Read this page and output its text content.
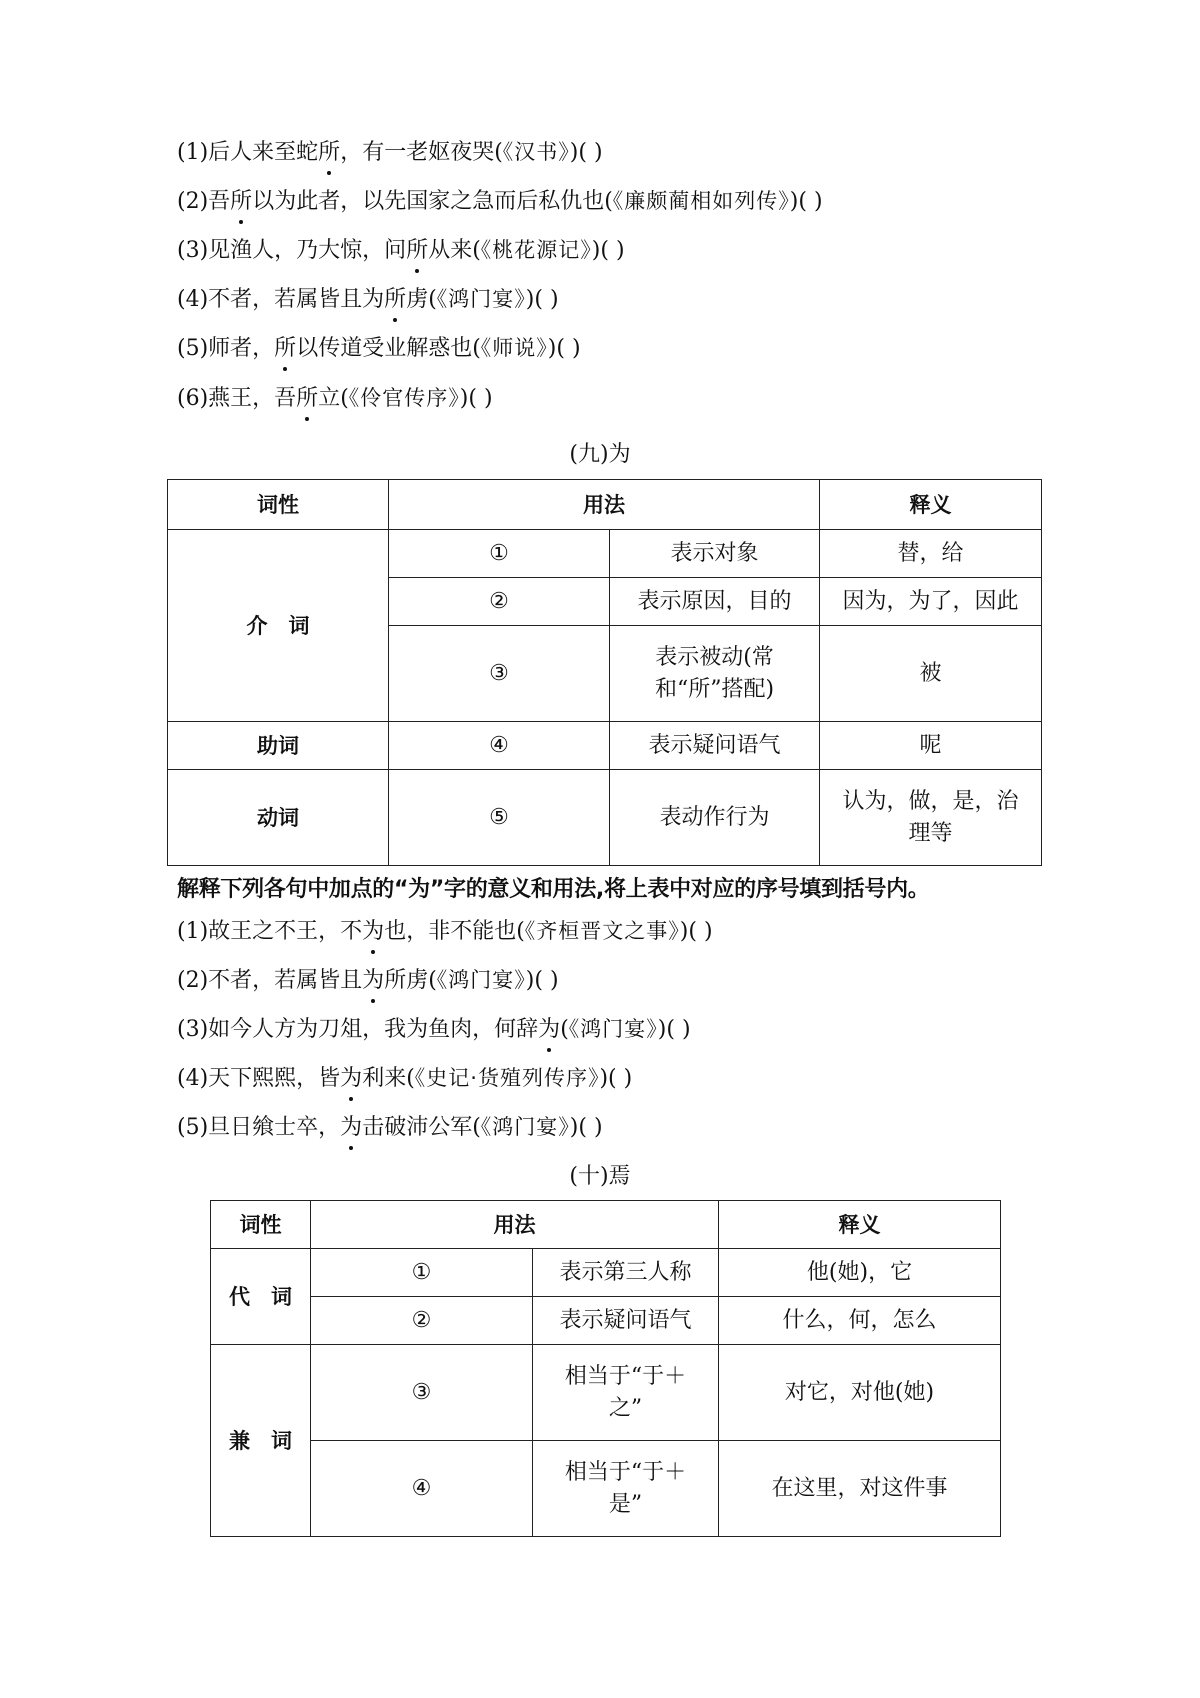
(1)后人来至蛇所，有一老妪夜哭(《汉书》)( )
(2)吾所以为此者，以先国家之急而后私仇也(《廉颇蔺相如列传》)( )
(3)见渔人，乃大惊，问所从来(《桃花源记》)( )
(4)不者，若属皆且为所虏(《鸿门宴》)( )
(5)师者，所以传道受业解惑也(《师说》)( )
(6)燕王，吾所立(《伶官传序》)( )
(九)为
词性	用法		释义
介　词	①	表示对象	替，给
	②	表示原因，目的	因为，为了，因此
	③	表示被动(常和“所”搭配)	被
助词	④	表示疑问语气	呢
动词	⑤	表动作行为	认为，做，是，治理等
解释下列各句中加点的“为”字的意义和用法,将上表中对应的序号填到括号内。
(1)故王之不王，不为也，非不能也(《齐桓晋文之事》)( )
(2)不者，若属皆且为所虏(《鸿门宴》)( )
(3)如今人方为刀俎，我为鱼肉，何辞为(《鸿门宴》)( )
(4)天下熙熙，皆为利来(《史记·货殖列传序》)( )
(5)旦日飨士卒，为击破沛公军(《鸿门宴》)( )
(十)焉
词性	用法		释义
代　词	①	表示第三人称	他(她)，它
	②	表示疑问语气	什么，何，怎么
兼　词	③	相当于“于＋之”	对它，对他(她)
	④	相当于“于＋是”	在这里，对这件事
